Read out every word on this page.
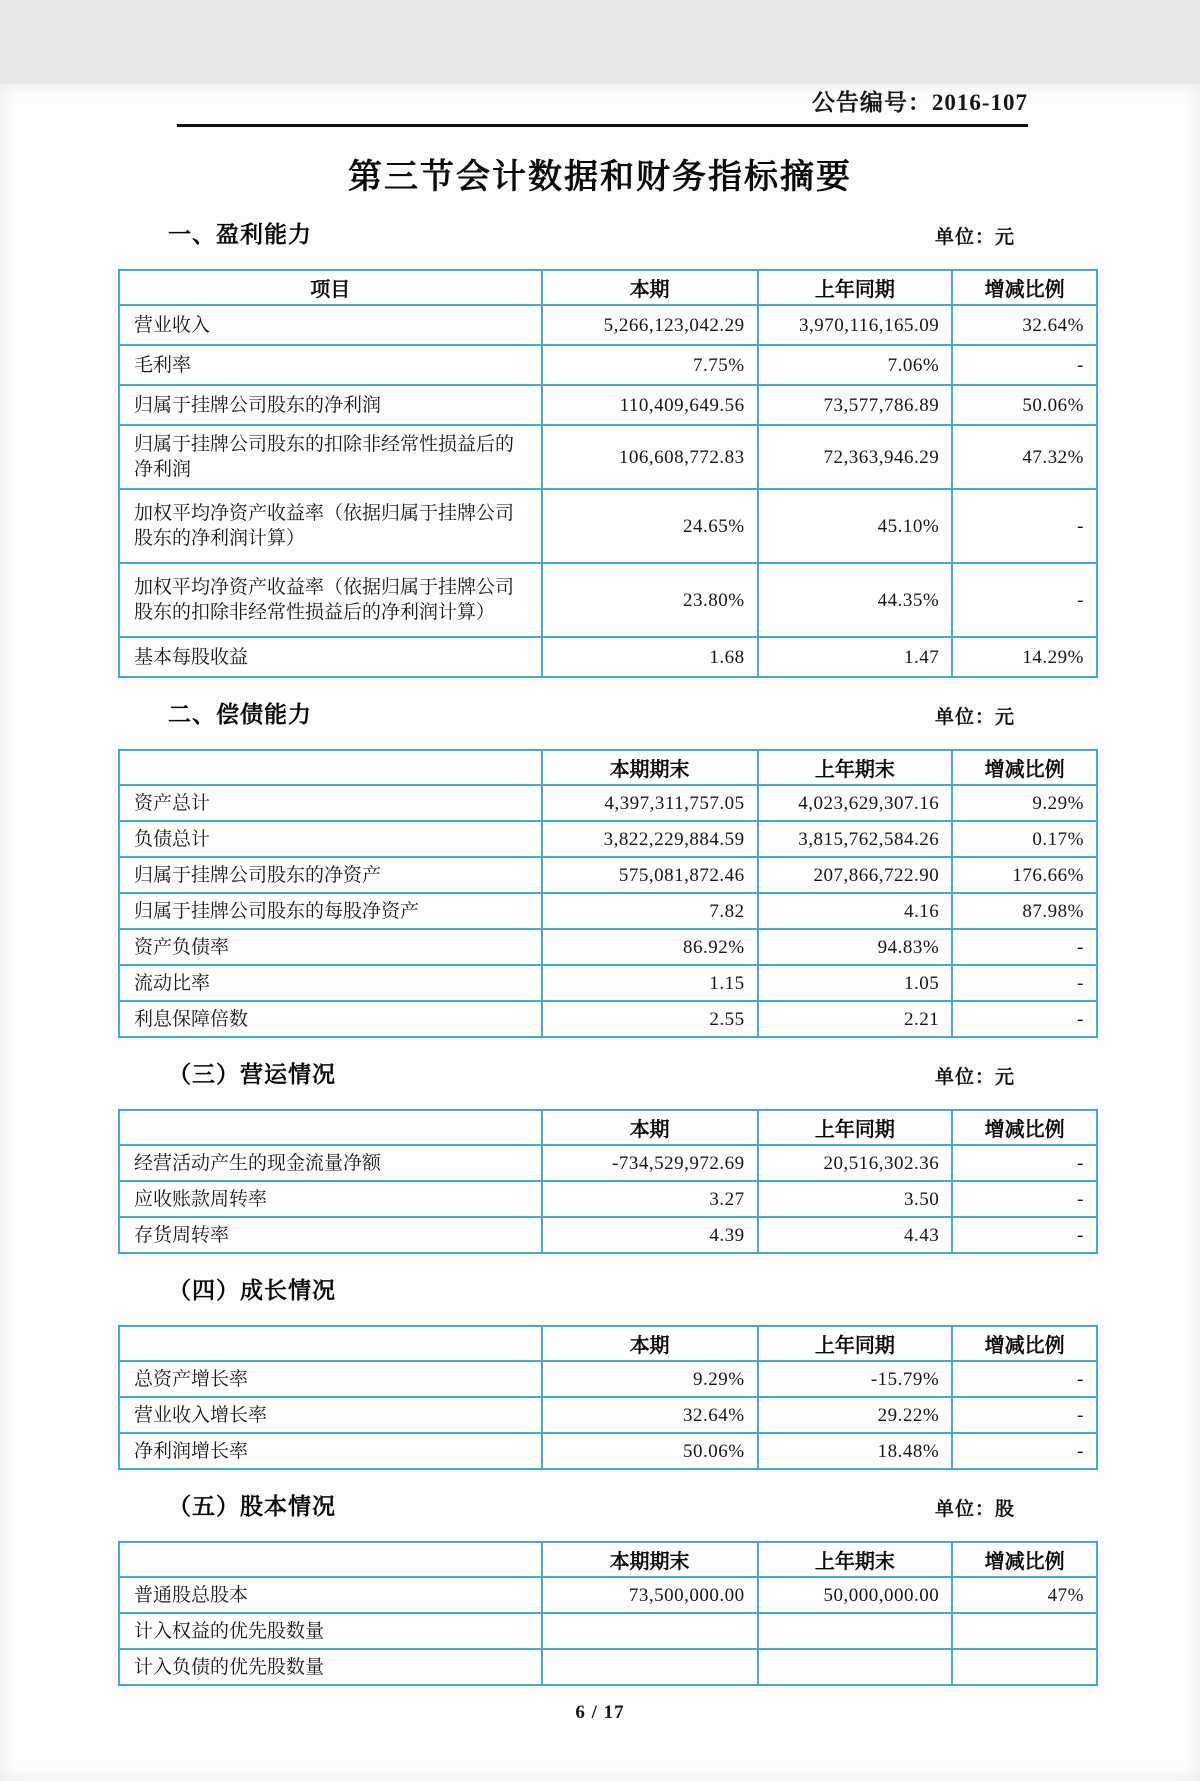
公告编号：2016-107
第三节会计数据和财务指标摘要
一、盈利能力	单位：元
项目	本期	上年同期	增减比例
营业收入	5,266,123,042.29	3,970,116,165.09	32.64%
毛利率	7.75%	7.06%	-
归属于挂牌公司股东的净利润	110,409,649.56	73,577,786.89	50.06%
归属于挂牌公司股东的扣除非经常性损益后的净利润	106,608,772.83	72,363,946.29	47.32%
加权平均净资产收益率（依据归属于挂牌公司股东的净利润计算）	24.65%	45.10%	-
加权平均净资产收益率（依据归属于挂牌公司股东的扣除非经常性损益后的净利润计算）	23.80%	44.35%	-
基本每股收益	1.68	1.47	14.29%
二、偿债能力	单位：元
	本期期末	上年期末	增减比例
资产总计	4,397,311,757.05	4,023,629,307.16	9.29%
负债总计	3,822,229,884.59	3,815,762,584.26	0.17%
归属于挂牌公司股东的净资产	575,081,872.46	207,866,722.90	176.66%
归属于挂牌公司股东的每股净资产	7.82	4.16	87.98%
资产负债率	86.92%	94.83%	-
流动比率	1.15	1.05	-
利息保障倍数	2.55	2.21	-
（三）营运情况	单位：元
	本期	上年同期	增减比例
经营活动产生的现金流量净额	-734,529,972.69	20,516,302.36	-
应收账款周转率	3.27	3.50	-
存货周转率	4.39	4.43	-
（四）成长情况
	本期	上年同期	增减比例
总资产增长率	9.29%	-15.79%	-
营业收入增长率	32.64%	29.22%	-
净利润增长率	50.06%	18.48%	-
（五）股本情况	单位：股
	本期期末	上年期末	增减比例
普通股总股本	73,500,000.00	50,000,000.00	47%
计入权益的优先股数量			
计入负债的优先股数量			
6 / 17
